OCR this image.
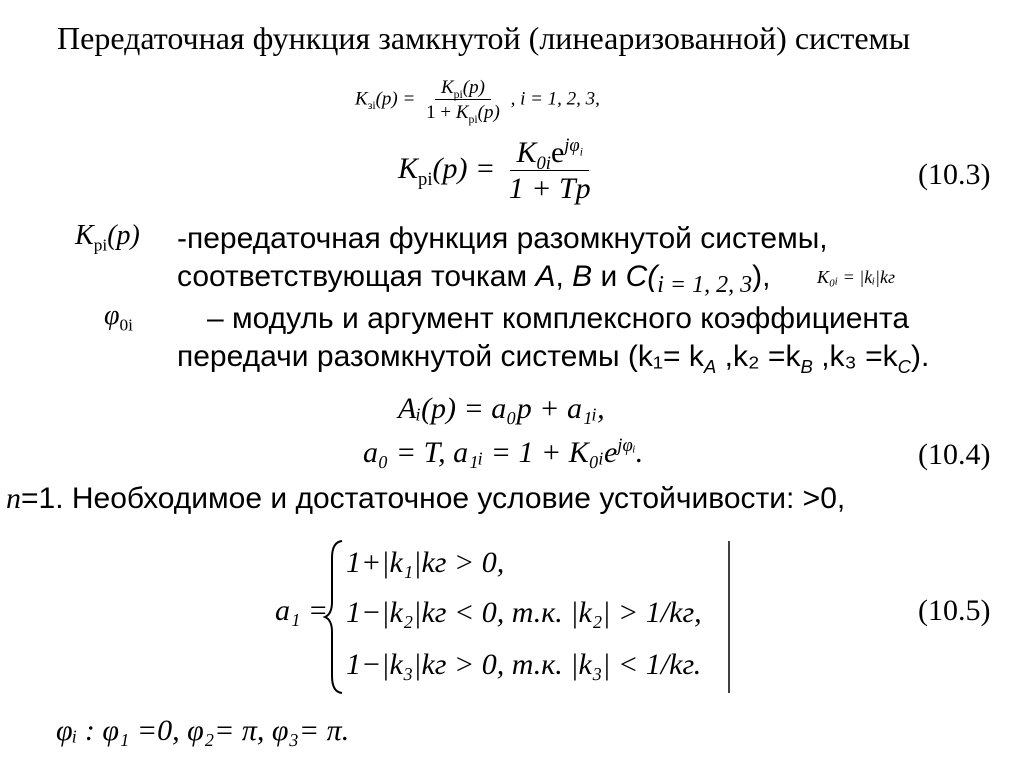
Передаточная функция замкнутой (линеаризованной) системы
$K_{зi}(p) = \frac{K_{pi}(p)}{1 + K_{pi}(p)}$ , i = 1, 2, 3,
$K_{pi}(p) = \frac{K_{0i}e^{j\varphi_i}}{1 + Tp}$	(10.3)
$K_{pi}(p)$ -передаточная функция разомкнутой системы,
соответствующая точкам A, B и $C(_{i = 1, 2, 3})$,	K₀ᵢ = |kᵢ|kг
$\varphi_{0i}$ – модуль и аргумент комплексного коэффициента
передачи разомкнутой системы ($k_1= k_A$ $,k_2 =k_B$ $,k_3 =k_C$).
Aᵢ(p) = a₀p + a₁ᵢ,
a₀ = T, a₁ᵢ = 1 + K₀ᵢe$^{j\varphi ᵢ}$.	(10.4)
n=1. Необходимое и достаточное условие устойчивости: >0,
a₁ =
1+|k₁|kг > 0,
1−|k₂|kг < 0, т.к. |k₂| > 1/kг,
1−|k₃|kг > 0, т.к. |k₃| < 1/kг.
(10.5)
φᵢ : φ₁ =0, φ₂= π, φ₃= π.
